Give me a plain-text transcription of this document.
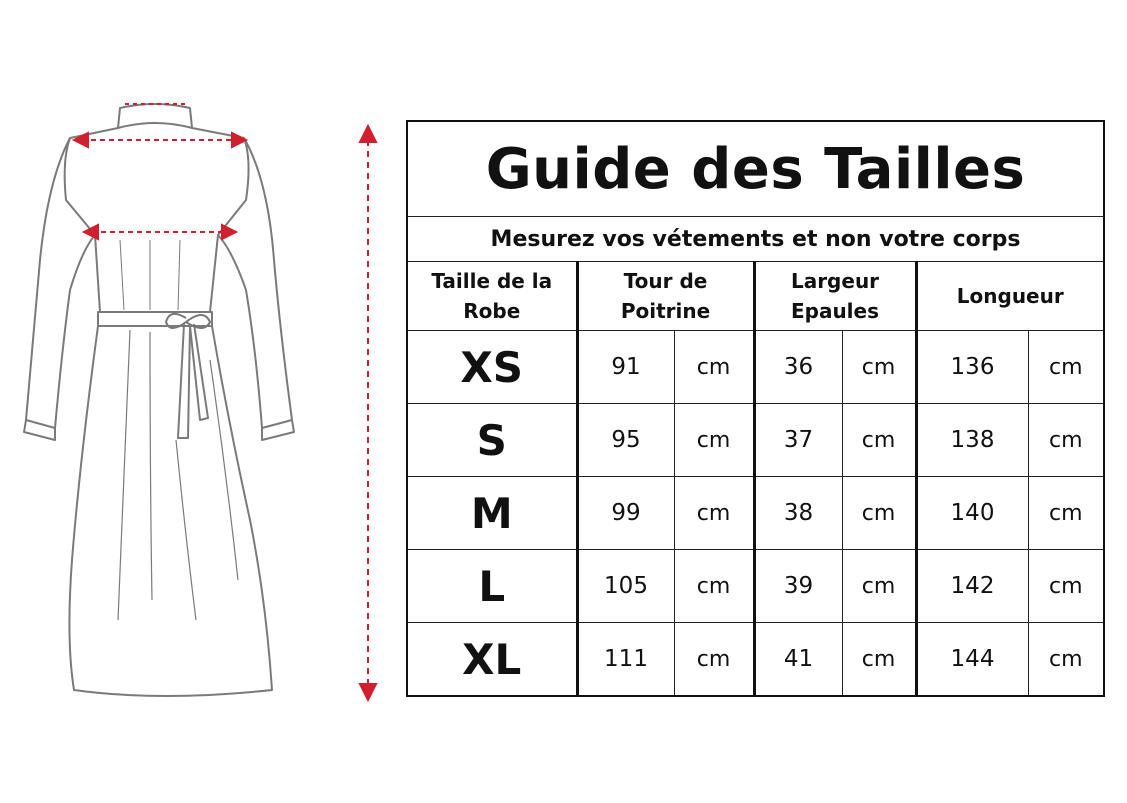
Guide des Tailles						
Mesurez vos vétements et non votre corps						
Taille de la Robe	Tour de Poitrine		Largeur Epaules		Longueur	
XS	91	cm	36	cm	136	cm
S	95	cm	37	cm	138	cm
M	99	cm	38	cm	140	cm
L	105	cm	39	cm	142	cm
XL	111	cm	41	cm	144	cm
